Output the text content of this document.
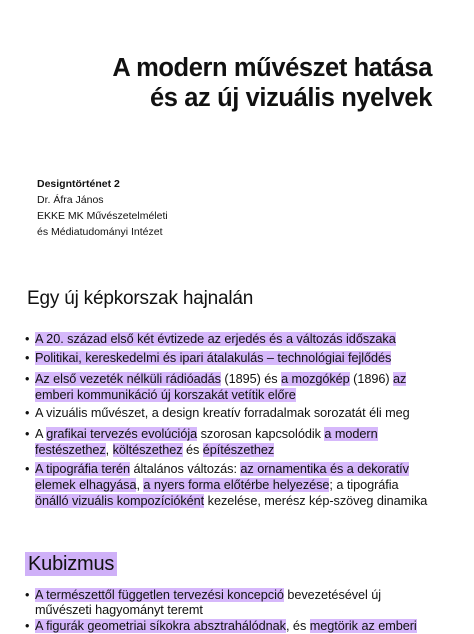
A modern művészet hatása
és az új vizuális nyelvek
Designtörténet 2
Dr. Áfra János
EKKE MK Művészetelméleti
és Médiatudományi Intézet
Egy új képkorszak hajnalán
•
•
•
•
•
•
A 20. század első két évtizede az erjedés és a változás időszaka
Politikai, kereskedelmi és ipari átalakulás – technológiai fejlődés
Az első vezeték nélküli rádióadás (1895) és a mozgókép (1896) az
emberi kommunikáció új korszakát vetítik előre
A vizuális művészet, a design kreatív forradalmak sorozatát éli meg
A grafikai tervezés evolúciója szorosan kapcsolódik a modern
festészethez, költészethez és építészethez
A tipográfia terén általános változás: az ornamentika és a dekoratív
elemek elhagyása, a nyers forma előtérbe helyezése; a tipográfia
önálló vizuális kompozícióként kezelése, merész kép-szöveg dinamika
Kubizmus
•
•
A természettől független tervezési koncepció bevezetésével új
művészeti hagyományt teremt
A figurák geometriai síkokra absztrahálódnak, és megtörik az emberi
